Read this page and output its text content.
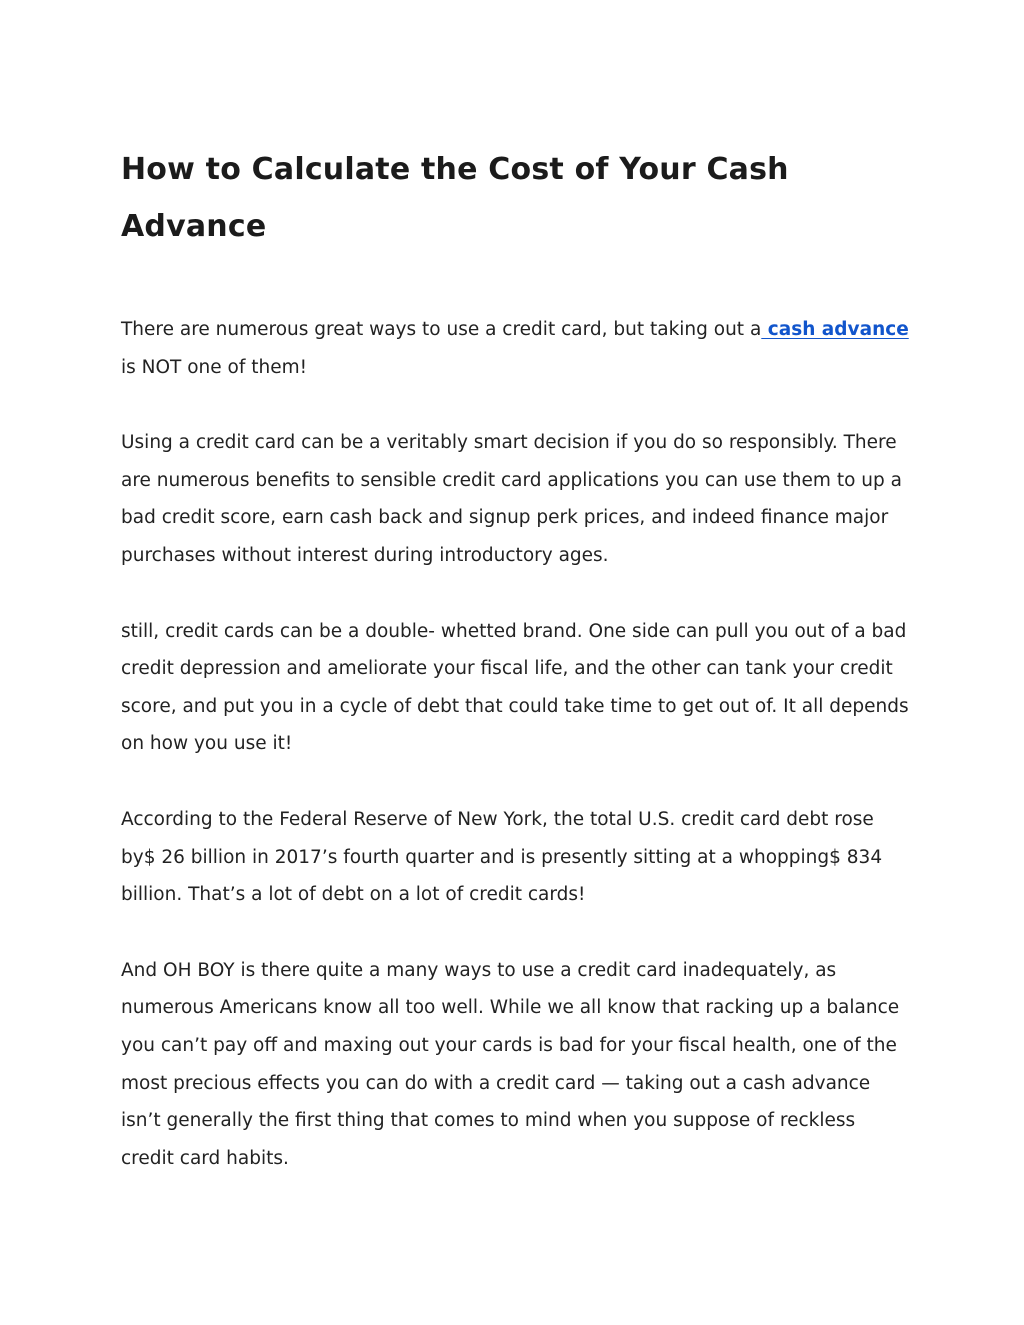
How to Calculate the Cost of Your Cash Advance

There are numerous great ways to use a credit card, but taking out a cash advance is NOT one of them!

Using a credit card can be a veritably smart decision if you do so responsibly. There are numerous benefits to sensible credit card applications you can use them to up a bad credit score, earn cash back and signup perk prices, and indeed finance major purchases without interest during introductory ages.

still, credit cards can be a double- whetted brand. One side can pull you out of a bad credit depression and ameliorate your fiscal life, and the other can tank your credit score, and put you in a cycle of debt that could take time to get out of. It all depends on how you use it!

According to the Federal Reserve of New York, the total U.S. credit card debt rose by$ 26 billion in 2017’s fourth quarter and is presently sitting at a whopping$ 834 billion. That’s a lot of debt on a lot of credit cards!

And OH BOY is there quite a many ways to use a credit card inadequately, as numerous Americans know all too well. While we all know that racking up a balance you can’t pay off and maxing out your cards is bad for your fiscal health, one of the most precious effects you can do with a credit card — taking out a cash advance isn’t generally the first thing that comes to mind when you suppose of reckless credit card habits.
